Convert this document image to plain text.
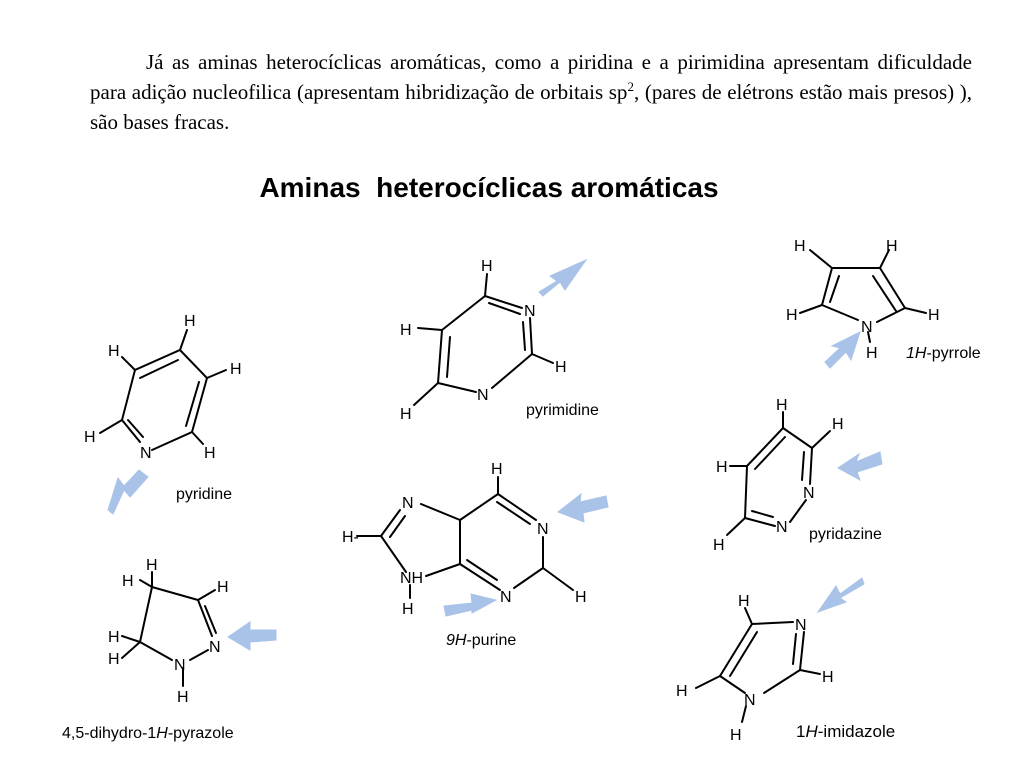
Já as aminas heterocíclicas aromáticas, como a piridina e a pirimidina apresentam dificuldade para adição nucleofilica (apresentam hibridização de orbitais $sp^2$, (pares de elétrons estão mais presos) ), são bases fracas.

Aminas  heterocíclicas aromáticas
H
H
H
H
N	H
pyridine
H
N
H
H
N
H	pyrimidine
H	H
H	H
N
H 1H-pyrrole
H
H
H
N
N
H
pyridazine
H
N
N
H-
NH
H
N	H
9H-purine
H
H
H
N
H
H	N
H
4,5-dihydro-1H-pyrazole
H
N
H
H
N
H	1H-imidazole
